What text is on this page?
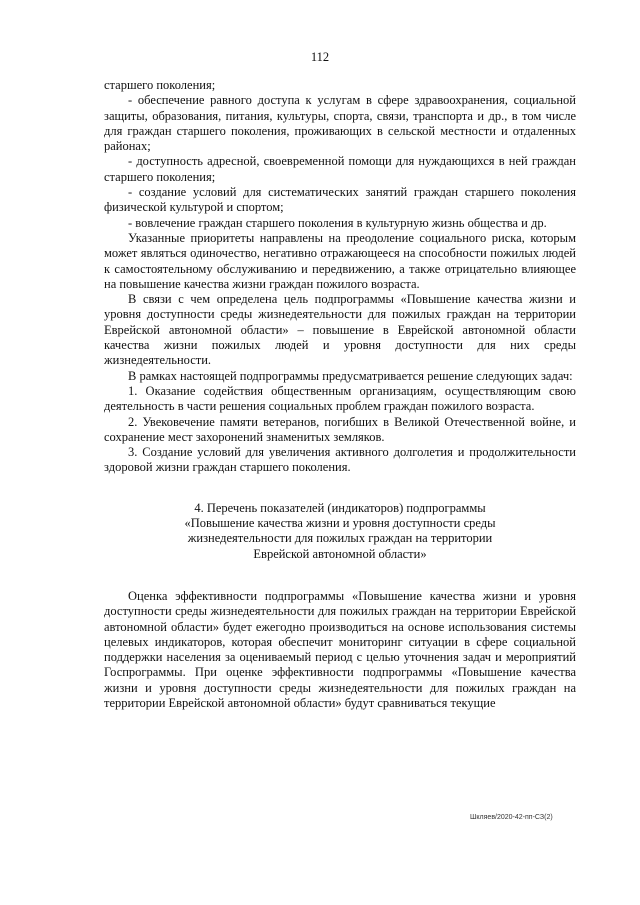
112

старшего поколения;

- обеспечение равного доступа к услугам в сфере здравоохранения, социальной защиты, образования, питания, культуры, спорта, связи, транспорта и др., в том числе для граждан старшего поколения, проживающих в сельской местности и отдаленных районах;

- доступность адресной, своевременной помощи для нуждающихся в ней граждан старшего поколения;

- создание условий для систематических занятий граждан старшего поколения физической культурой и спортом;

- вовлечение граждан старшего поколения в культурную жизнь общества и др.

Указанные приоритеты направлены на преодоление социального риска, которым может являться одиночество, негативно отражающееся на способности пожилых людей к самостоятельному обслуживанию и передвижению, а также отрицательно влияющее на повышение качества жизни граждан пожилого возраста.

В связи с чем определена цель подпрограммы «Повышение качества жизни и уровня доступности среды жизнедеятельности для пожилых граждан на территории Еврейской автономной области» – повышение в Еврейской автономной области качества жизни пожилых людей и уровня доступности для них среды жизнедеятельности.

В рамках настоящей подпрограммы предусматривается решение следующих задач:

1. Оказание содействия общественным организациям, осуществляющим свою деятельность в части решения социальных проблем граждан пожилого возраста.

2. Увековечение памяти ветеранов, погибших в Великой Отечественной войне, и сохранение мест захоронений знаменитых земляков.

3. Создание условий для увеличения активного долголетия и продолжительности здоровой жизни граждан старшего поколения.

4. Перечень показателей (индикаторов) подпрограммы
«Повышение качества жизни и уровня доступности среды
жизнедеятельности для пожилых граждан на территории
Еврейской автономной области»

Оценка эффективности подпрограммы «Повышение качества жизни и уровня доступности среды жизнедеятельности для пожилых граждан на территории Еврейской автономной области» будет ежегодно производиться на основе использования системы целевых индикаторов, которая обеспечит мониторинг ситуации в сфере социальной поддержки населения за оцениваемый период с целью уточнения задач и мероприятий Госпрограммы. При оценке эффективности подпрограммы «Повышение качества жизни и уровня доступности среды жизнедеятельности для пожилых граждан на территории Еврейской автономной области» будут сравниваться текущие

Шкляев/2020-42-пп-СЗ(2)
